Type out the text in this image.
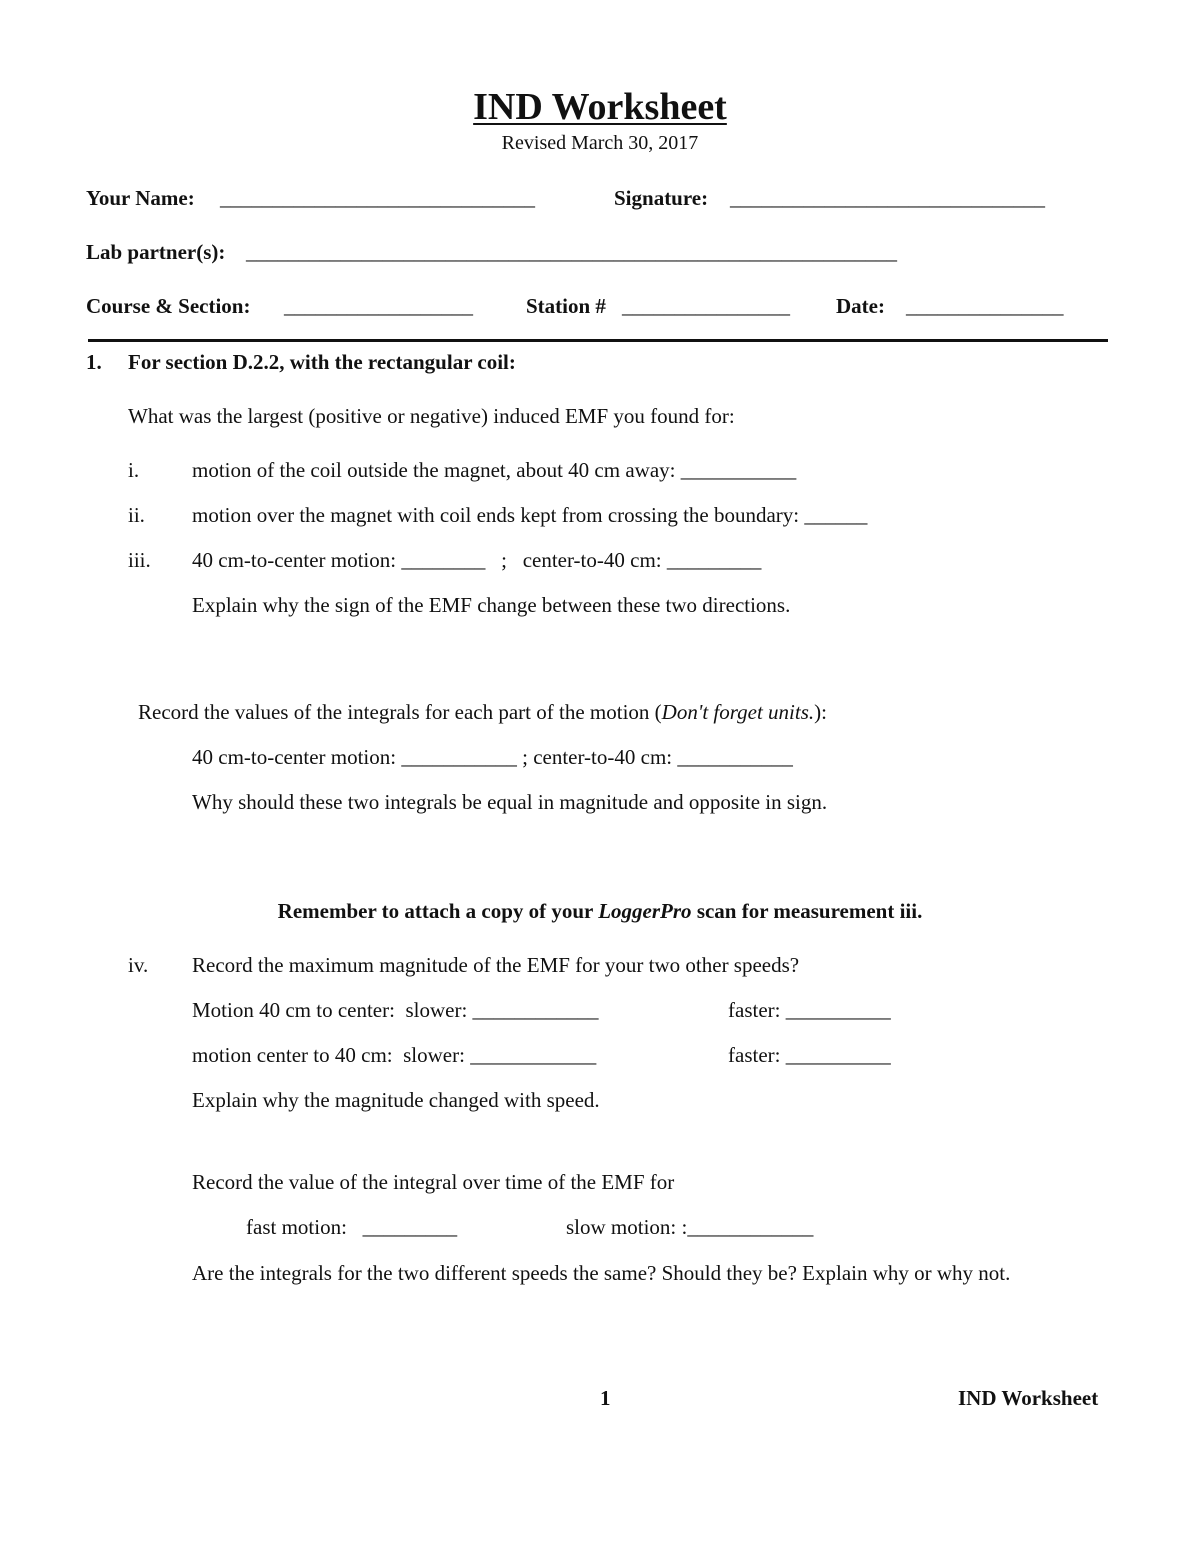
IND Worksheet
Revised March 30, 2017
Your Name: ______________________________	Signature: ______________________________
Lab partner(s): ______________________________________________________________
Course & Section: __________________	Station # ________________ Date: _______________
1. For section D.2.2, with the rectangular coil:
What was the largest (positive or negative) induced EMF you found for:
i.	motion of the coil outside the magnet, about 40 cm away: ___________
ii. motion over the magnet with coil ends kept from crossing the boundary: ______
iii. 40 cm-to-center motion: ________   ;   center-to-40 cm: _________
Explain why the sign of the EMF change between these two directions.
Record the values of the integrals for each part of the motion (Don't forget units.):
40 cm-to-center motion: ___________ ; center-to-40 cm: ___________
Why should these two integrals be equal in magnitude and opposite in sign.
Remember to attach a copy of your LoggerPro scan for measurement iii.
iv. Record the maximum magnitude of the EMF for your two other speeds?
Motion 40 cm to center:  slower: ____________	faster: __________
motion center to 40 cm:  slower: ____________	faster: __________
Explain why the magnitude changed with speed.
Record the value of the integral over time of the EMF for
fast motion:   _________	slow motion: :____________
Are the integrals for the two different speeds the same? Should they be? Explain why or why not.
1	IND Worksheet
